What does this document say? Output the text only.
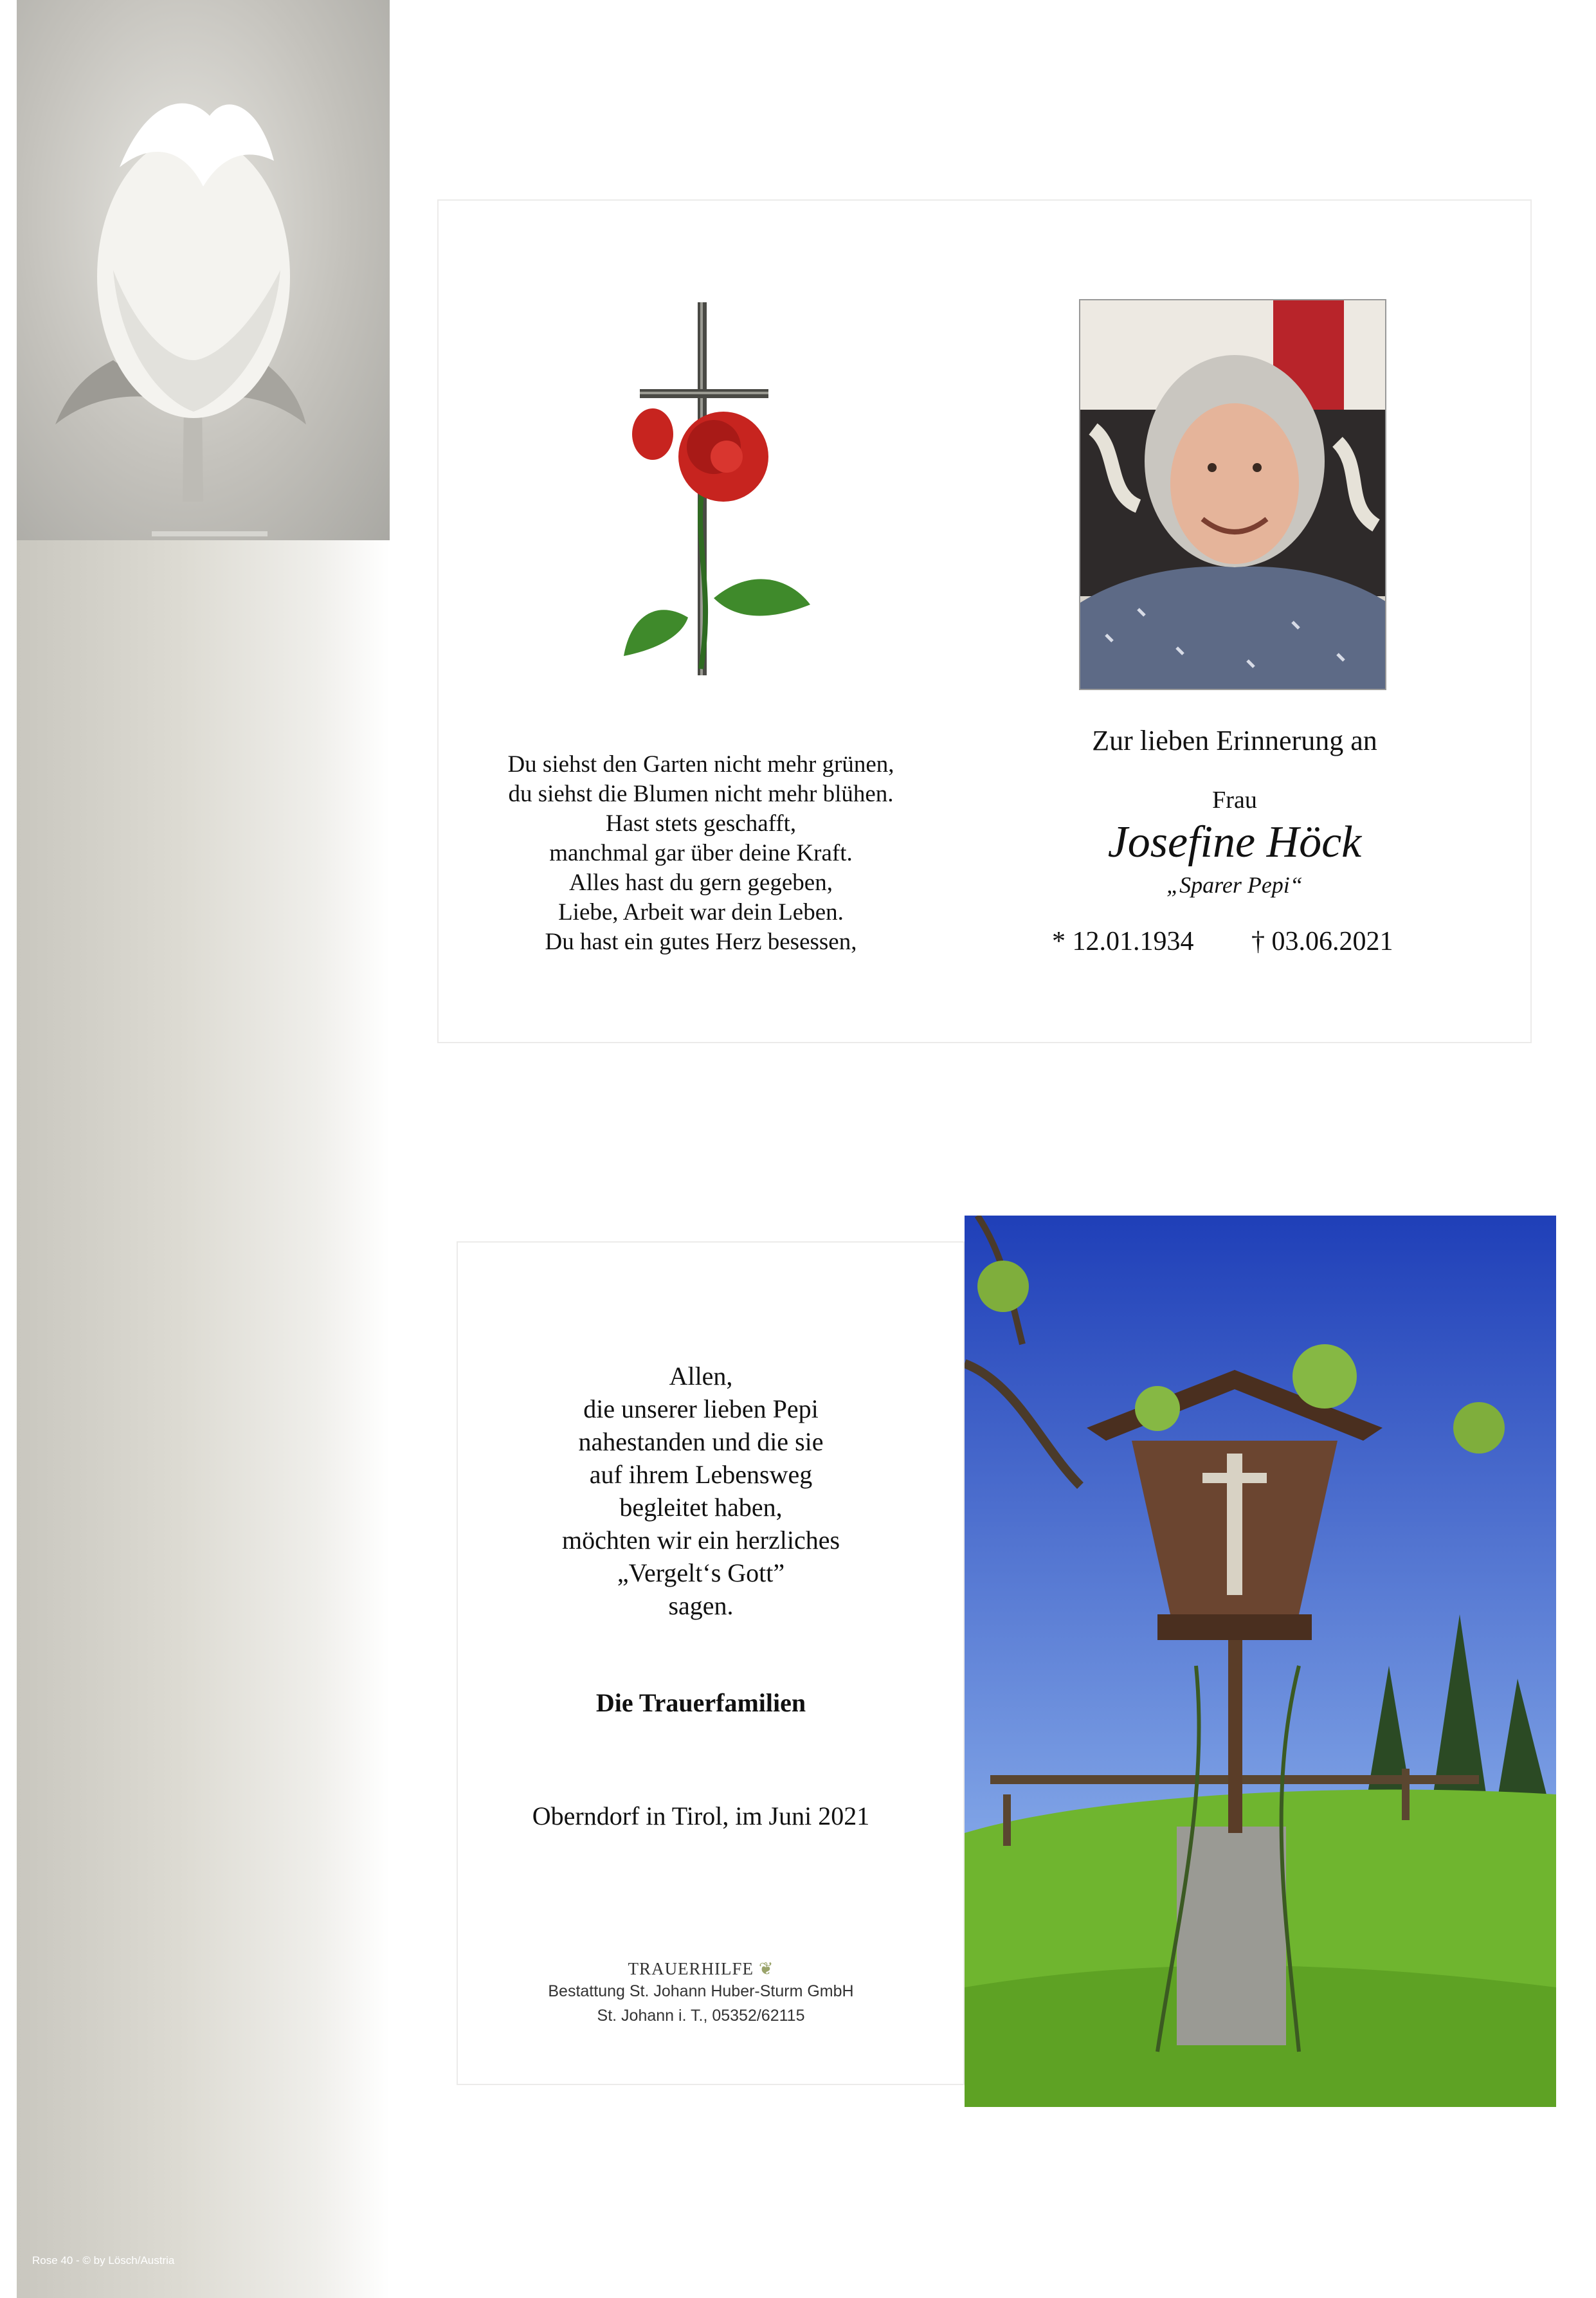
Rose 40 - © by Lösch/Austria
Du siehst den Garten nicht mehr grünen,
du siehst die Blumen nicht mehr blühen.
Hast stets geschafft,
manchmal gar über deine Kraft.
Alles hast du gern gegeben,
Liebe, Arbeit war dein Leben.
Du hast ein gutes Herz besessen,
Zur lieben Erinnerung an
Frau
Josefine Höck
„Sparer Pepi“
* 12.01.1934 † 03.06.2021
Allen,
die unserer lieben Pepi
nahestanden und die sie
auf ihrem Lebensweg
begleitet haben,
möchten wir ein herzliches
„Vergelt‘s Gott”
sagen.
Die Trauerfamilien
Oberndorf in Tirol, im Juni 2021
TRAUERHILFE ❦
Bestattung St. Johann Huber-Sturm GmbH
St. Johann i. T., 05352/62115
